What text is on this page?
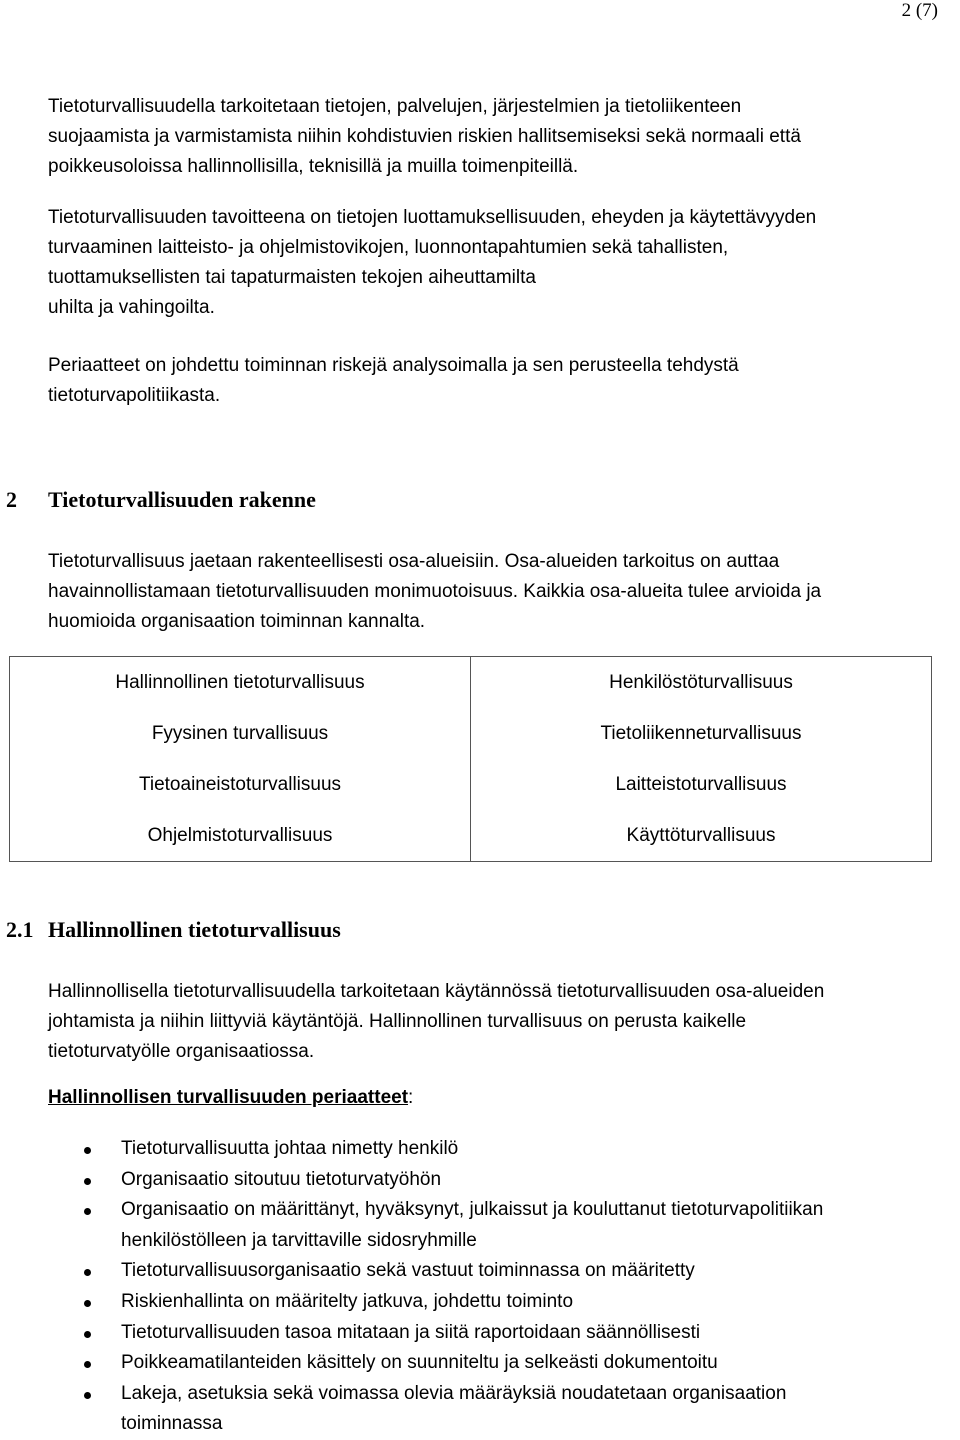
2 (7)

Tietoturvallisuudella tarkoitetaan tietojen, palvelujen, järjestelmien ja tietoliikenteen
suojaamista ja varmistamista niihin kohdistuvien riskien hallitsemiseksi sekä normaali että
poikkeusoloissa hallinnollisilla, teknisillä ja muilla toimenpiteillä.

Tietoturvallisuuden tavoitteena on tietojen luottamuksellisuuden, eheyden ja käytettävyyden
turvaaminen laitteisto- ja ohjelmistovikojen, luonnontapahtumien sekä tahallisten,
tuottamuksellisten tai tapaturmaisten tekojen aiheuttamilta
uhilta ja vahingoilta.

Periaatteet on johdettu toiminnan riskejä analysoimalla ja sen perusteella tehdystä
tietoturvapolitiikasta.

2 Tietoturvallisuuden rakenne

Tietoturvallisuus jaetaan rakenteellisesti osa-alueisiin. Osa-alueiden tarkoitus on auttaa
havainnollistamaan tietoturvallisuuden monimuotoisuus. Kaikkia osa-alueita tulee arvioida ja
huomioida organisaation toiminnan kannalta.

Hallinnollinen tietoturvallisuus	Henkilöstöturvallisuus
Fyysinen turvallisuus	Tietoliikenneturvallisuus
Tietoaineistoturvallisuus	Laitteistoturvallisuus
Ohjelmistoturvallisuus	Käyttöturvallisuus
2.1 Hallinnollinen tietoturvallisuus

Hallinnollisella tietoturvallisuudella tarkoitetaan käytännössä tietoturvallisuuden osa-alueiden
johtamista ja niihin liittyviä käytäntöjä. Hallinnollinen turvallisuus on perusta kaikelle
tietoturvatyölle organisaatiossa.

Hallinnollisen turvallisuuden periaatteet:

Tietoturvallisuutta johtaa nimetty henkilö
Organisaatio sitoutuu tietoturvatyöhön
Organisaatio on määrittänyt, hyväksynyt, julkaissut ja kouluttanut tietoturvapolitiikan
henkilöstölleen ja tarvittaville sidosryhmille
Tietoturvallisuusorganisaatio sekä vastuut toiminnassa on määritetty
Riskienhallinta on määritelty jatkuva, johdettu toiminto
Tietoturvallisuuden tasoa mitataan ja siitä raportoidaan säännöllisesti
Poikkeamatilanteiden käsittely on suunniteltu ja selkeästi dokumentoitu
Lakeja, asetuksia sekä voimassa olevia määräyksiä noudatetaan organisaation
toiminnassa
